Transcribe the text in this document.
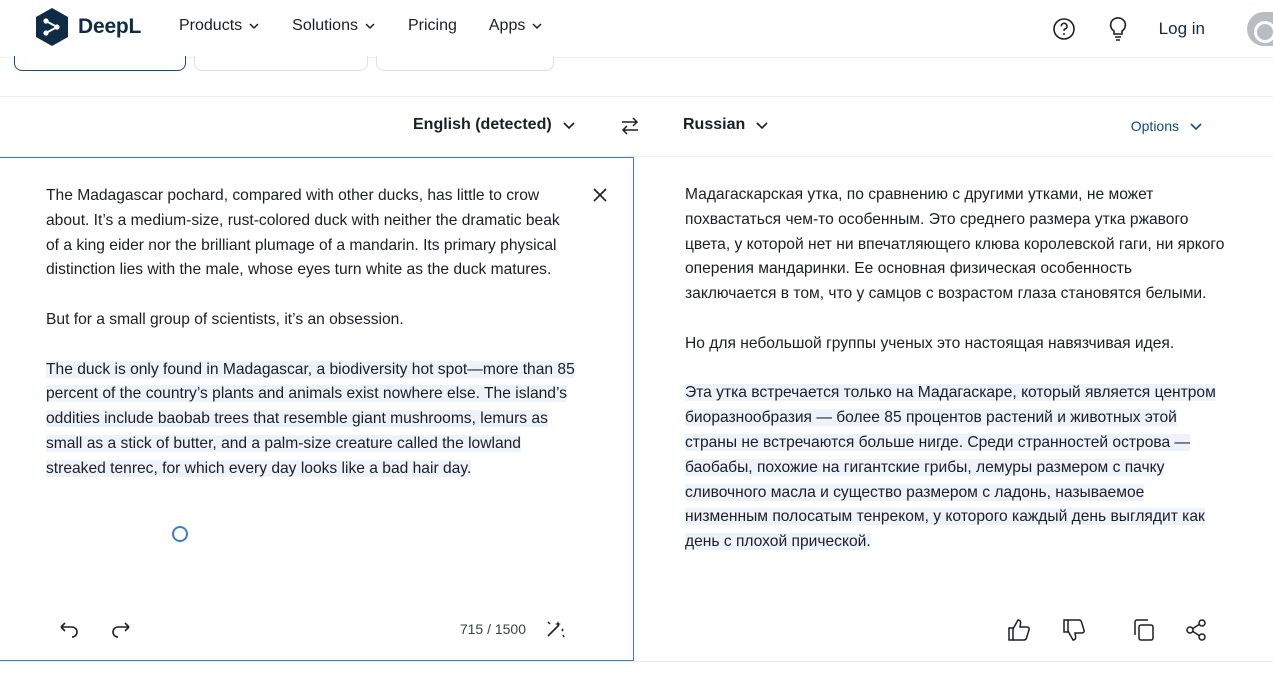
DeepL Products	Solutions	Pricing Apps	Log in
English (detected)	Russian	Options

The Madagascar pochard, compared with other ducks, has little to crow about. It’s a medium-size, rust-colored duck with neither the dramatic beak of a king eider nor the brilliant plumage of a mandarin. Its primary physical distinction lies with the male, whose eyes turn white as the duck matures.

But for a small group of scientists, it’s an obsession.

The duck is only found in Madagascar, a biodiversity hot spot—more than 85 percent of the country’s plants and animals exist nowhere else. The island’s oddities include baobab trees that resemble giant mushrooms, lemurs as small as a stick of butter, and a palm-size creature called the lowland streaked tenrec, for which every day looks like a bad hair day.

715 / 1500

Мадагаскарская утка, по сравнению с другими утками, не может похвастаться чем-то особенным. Это среднего размера утка ржавого цвета, у которой нет ни впечатляющего клюва королевской гаги, ни яркого оперения мандаринки. Ее основная физическая особенность заключается в том, что у самцов с возрастом глаза становятся белыми.

Но для небольшой группы ученых это настоящая навязчивая идея.

Эта утка встречается только на Мадагаскаре, который является центром биоразнообразия — более 85 процентов растений и животных этой страны не встречаются больше нигде. Среди странностей острова — баобабы, похожие на гигантские грибы, лемуры размером с пачку сливочного масла и существо размером с ладонь, называемое низменным полосатым тенреком, у которого каждый день выглядит как день с плохой прической.
